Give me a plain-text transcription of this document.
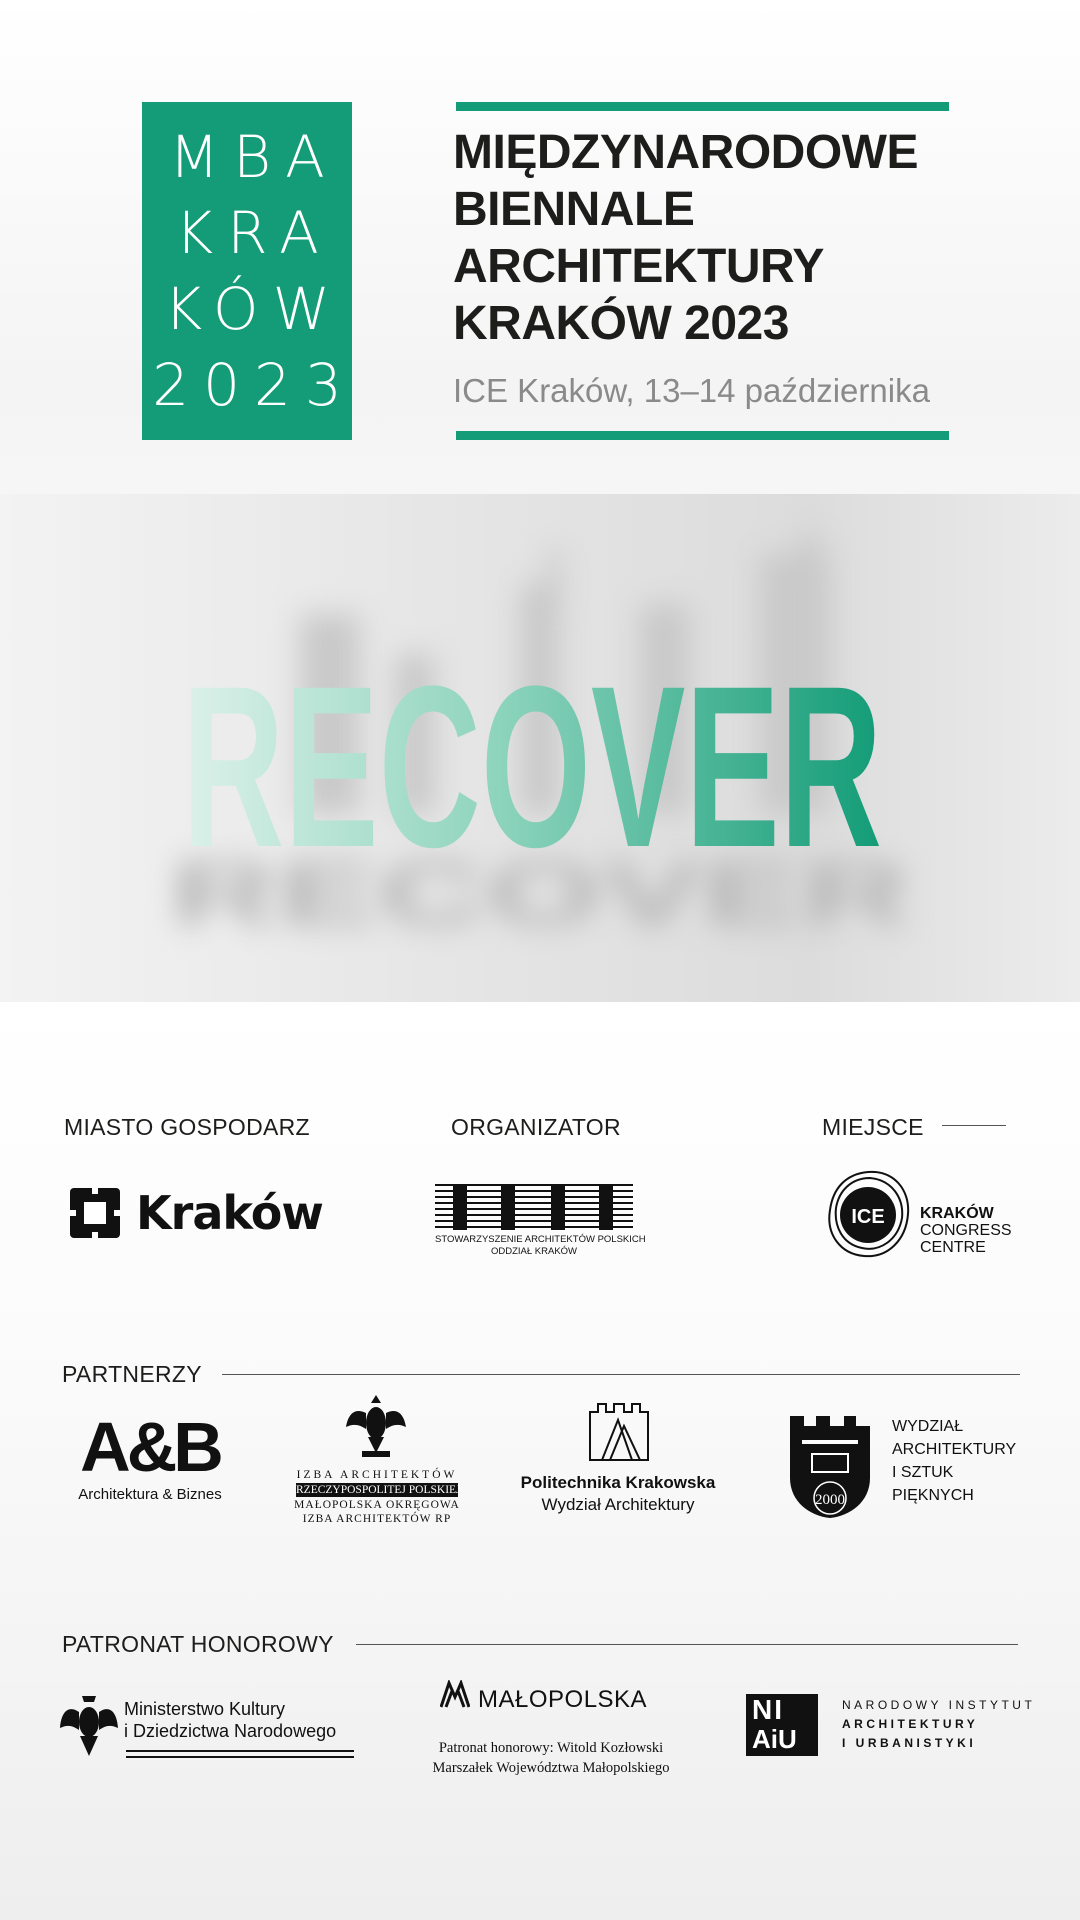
MBA
KRA
KÓW
2023
MIĘDZYNARODOWE
BIENNALE
ARCHITEKTURY
KRAKÓW 2023
ICE Kraków, 13–14 października
RECOVER
RECOVER
MIASTO GOSPODARZ	ORGANIZATOR	MIEJSCE
Kraków	STOWARZYSZENIE ARCHITEKTÓW POLSKICH
ODDZIAŁ KRAKÓW
ICE KRAKÓW
CONGRESS
CENTRE
PARTNERZY
A&B
Architektura & Biznes
IZBA ARCHITEKTÓW
RZECZYPOSPOLITEJ POLSKIEJ
MAŁOPOLSKA OKRĘGOWA
IZBA ARCHITEKTÓW RP
Politechnika Krakowska
Wydział Architektury	2000
WYDZIAŁ
ARCHITEKTURY
I SZTUK
PIĘKNYCH
PATRONAT HONOROWY
Ministerstwo Kultury
i Dziedzictwa Narodowego
MAŁOPOLSKA
Patronat honorowy: Witold Kozłowski
Marszałek Województwa Małopolskiego
NI
AiU
NARODOWY INSTYTUT
ARCHITEKTURY
I URBANISTYKI
